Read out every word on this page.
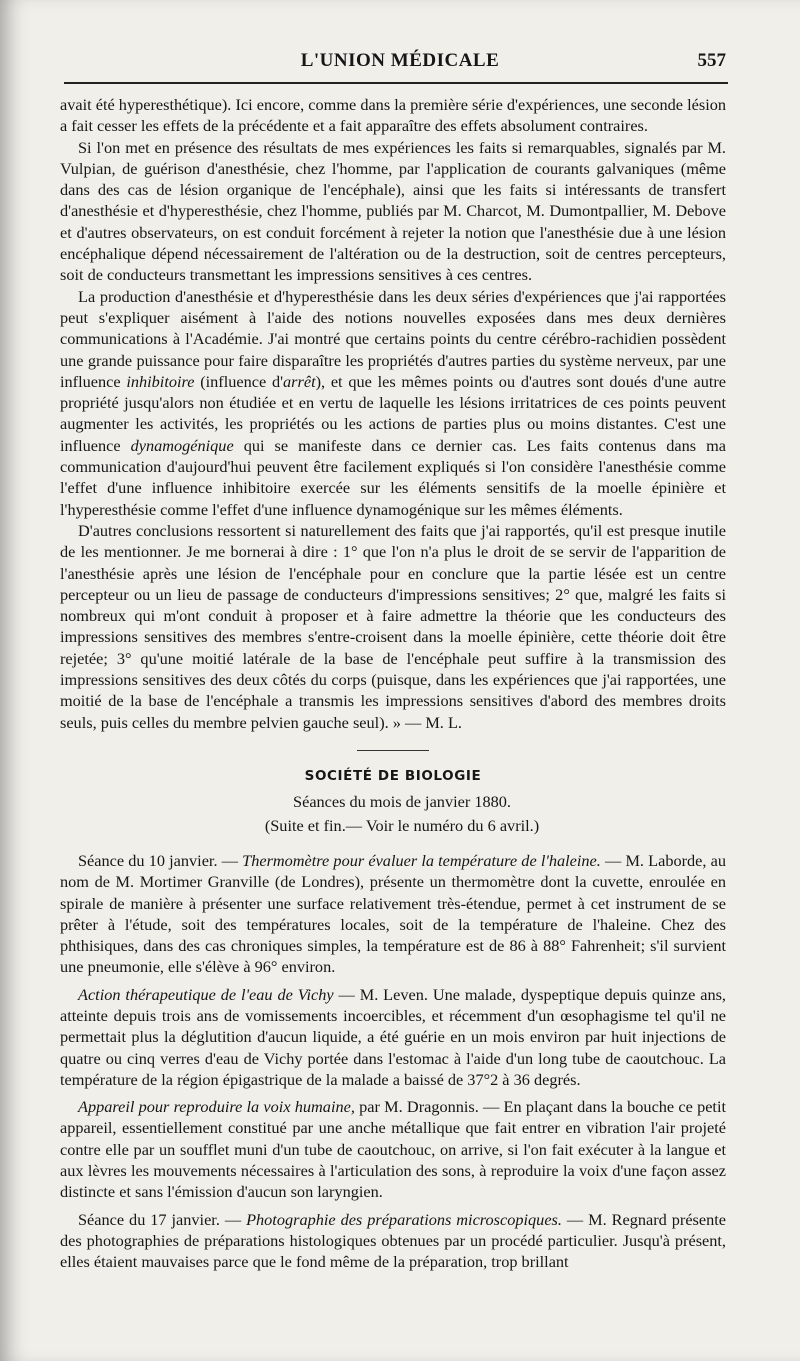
L'UNION MÉDICALE	557

avait été hyperesthétique). Ici encore, comme dans la première série d'expériences, une seconde lésion a fait cesser les effets de la précédente et a fait apparaître des effets absolument contraires.

Si l'on met en présence des résultats de mes expériences les faits si remarquables, signalés par M. Vulpian, de guérison d'anesthésie, chez l'homme, par l'application de courants galvaniques (même dans des cas de lésion organique de l'encéphale), ainsi que les faits si intéressants de transfert d'anesthésie et d'hyperesthésie, chez l'homme, publiés par M. Charcot, M. Dumontpallier, M. Debove et d'autres observateurs, on est conduit forcément à rejeter la notion que l'anesthésie due à une lésion encéphalique dépend nécessairement de l'altération ou de la destruction, soit de centres percepteurs, soit de conducteurs transmettant les impressions sensitives à ces centres.

La production d'anesthésie et d'hyperesthésie dans les deux séries d'expériences que j'ai rapportées peut s'expliquer aisément à l'aide des notions nouvelles exposées dans mes deux dernières communications à l'Académie. J'ai montré que certains points du centre cérébro-rachidien possèdent une grande puissance pour faire disparaître les propriétés d'autres parties du système nerveux, par une influence inhibitoire (influence d'arrêt), et que les mêmes points ou d'autres sont doués d'une autre propriété jusqu'alors non étudiée et en vertu de laquelle les lésions irritatrices de ces points peuvent augmenter les activités, les propriétés ou les actions de parties plus ou moins distantes. C'est une influence dynamogénique qui se manifeste dans ce dernier cas. Les faits contenus dans ma communication d'aujourd'hui peuvent être facilement expliqués si l'on considère l'anesthésie comme l'effet d'une influence inhibitoire exercée sur les éléments sensitifs de la moelle épinière et l'hyperesthésie comme l'effet d'une influence dynamogénique sur les mêmes éléments.

D'autres conclusions ressortent si naturellement des faits que j'ai rapportés, qu'il est presque inutile de les mentionner. Je me bornerai à dire : 1° que l'on n'a plus le droit de se servir de l'apparition de l'anesthésie après une lésion de l'encéphale pour en conclure que la partie lésée est un centre percepteur ou un lieu de passage de conducteurs d'impressions sensitives; 2° que, malgré les faits si nombreux qui m'ont conduit à proposer et à faire admettre la théorie que les conducteurs des impressions sensitives des membres s'entre-croisent dans la moelle épinière, cette théorie doit être rejetée; 3° qu'une moitié latérale de la base de l'encéphale peut suffire à la transmission des impressions sensitives des deux côtés du corps (puisque, dans les expériences que j'ai rapportées, une moitié de la base de l'encéphale a transmis les impressions sensitives d'abord des membres droits seuls, puis celles du membre pelvien gauche seul). » — M. L.

SOCIÉTÉ DE BIOLOGIE

Séances du mois de janvier 1880.

(Suite et fin.— Voir le numéro du 6 avril.)

Séance du 10 janvier. — Thermomètre pour évaluer la température de l'haleine. — M. Laborde, au nom de M. Mortimer Granville (de Londres), présente un thermomètre dont la cuvette, enroulée en spirale de manière à présenter une surface relativement très-étendue, permet à cet instrument de se prêter à l'étude, soit des températures locales, soit de la température de l'haleine. Chez des phthisiques, dans des cas chroniques simples, la température est de 86 à 88° Fahrenheit; s'il survient une pneumonie, elle s'élève à 96° environ.

Action thérapeutique de l'eau de Vichy — M. Leven. Une malade, dyspeptique depuis quinze ans, atteinte depuis trois ans de vomissements incoercibles, et récemment d'un œsophagisme tel qu'il ne permettait plus la déglutition d'aucun liquide, a été guérie en un mois environ par huit injections de quatre ou cinq verres d'eau de Vichy portée dans l'estomac à l'aide d'un long tube de caoutchouc. La température de la région épigastrique de la malade a baissé de 37°2 à 36 degrés.

Appareil pour reproduire la voix humaine, par M. Dragonnis. — En plaçant dans la bouche ce petit appareil, essentiellement constitué par une anche métallique que fait entrer en vibration l'air projeté contre elle par un soufflet muni d'un tube de caoutchouc, on arrive, si l'on fait exécuter à la langue et aux lèvres les mouvements nécessaires à l'articulation des sons, à reproduire la voix d'une façon assez distincte et sans l'émission d'aucun son laryngien.

Séance du 17 janvier. — Photographie des préparations microscopiques. — M. Regnard présente des photographies de préparations histologiques obtenues par un procédé particulier. Jusqu'à présent, elles étaient mauvaises parce que le fond même de la préparation, trop brillant
